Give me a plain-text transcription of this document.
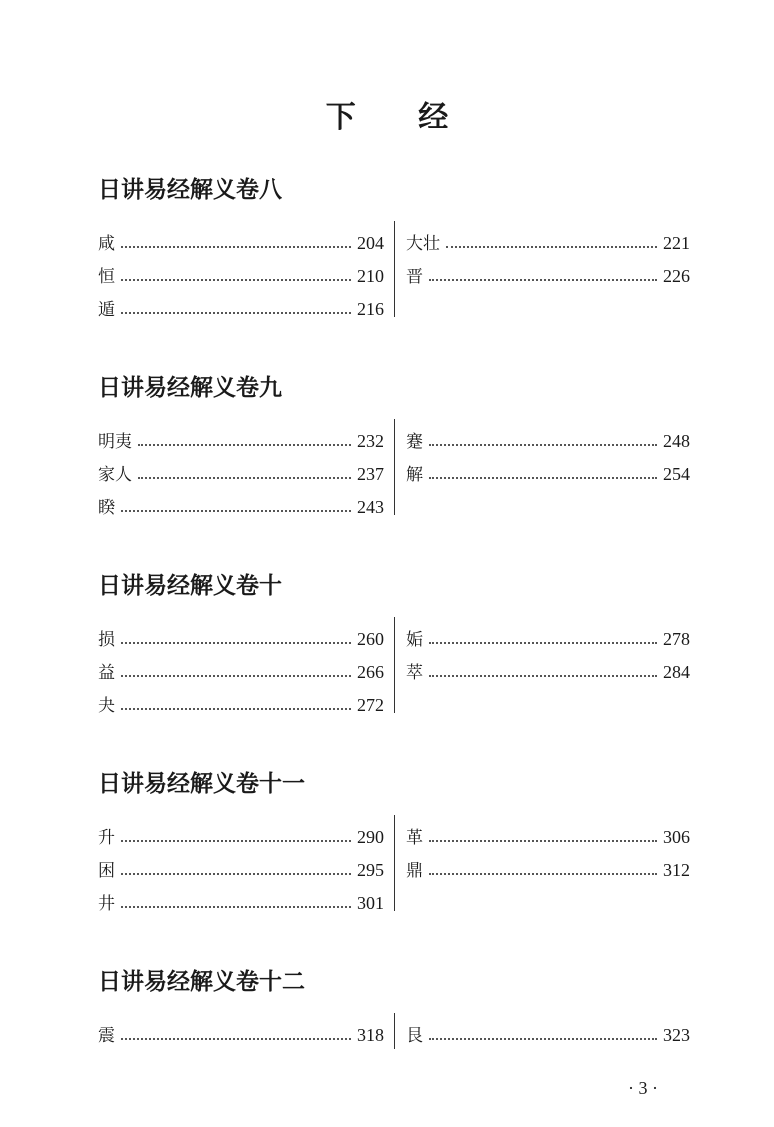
下 经
日讲易经解义卷八
咸	204
恒	210
遁	216
大壮	221
晋	226
日讲易经解义卷九
明夷	232
家人	237
睽	243
蹇	248
解	254
日讲易经解义卷十
损	260
益	266
夬	272
姤	278
萃	284
日讲易经解义卷十一
升	290
困	295
井	301
革	306
鼎	312
日讲易经解义卷十二
震	318 艮	323
· 3 ·
